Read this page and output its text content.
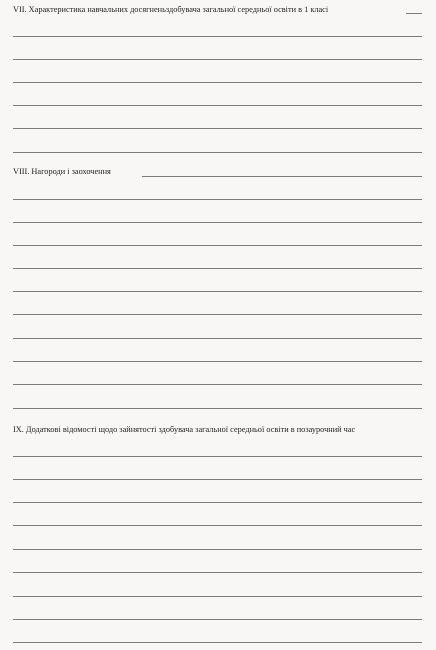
VII. Характеристика навчальних досягненьздобувача загальної середньої освіти в 1 класі
VIII. Нагороди і заохочення
IX. Додаткові відомості щодо зайнятості здобувача загальної середньої освіти в позаурочний час
